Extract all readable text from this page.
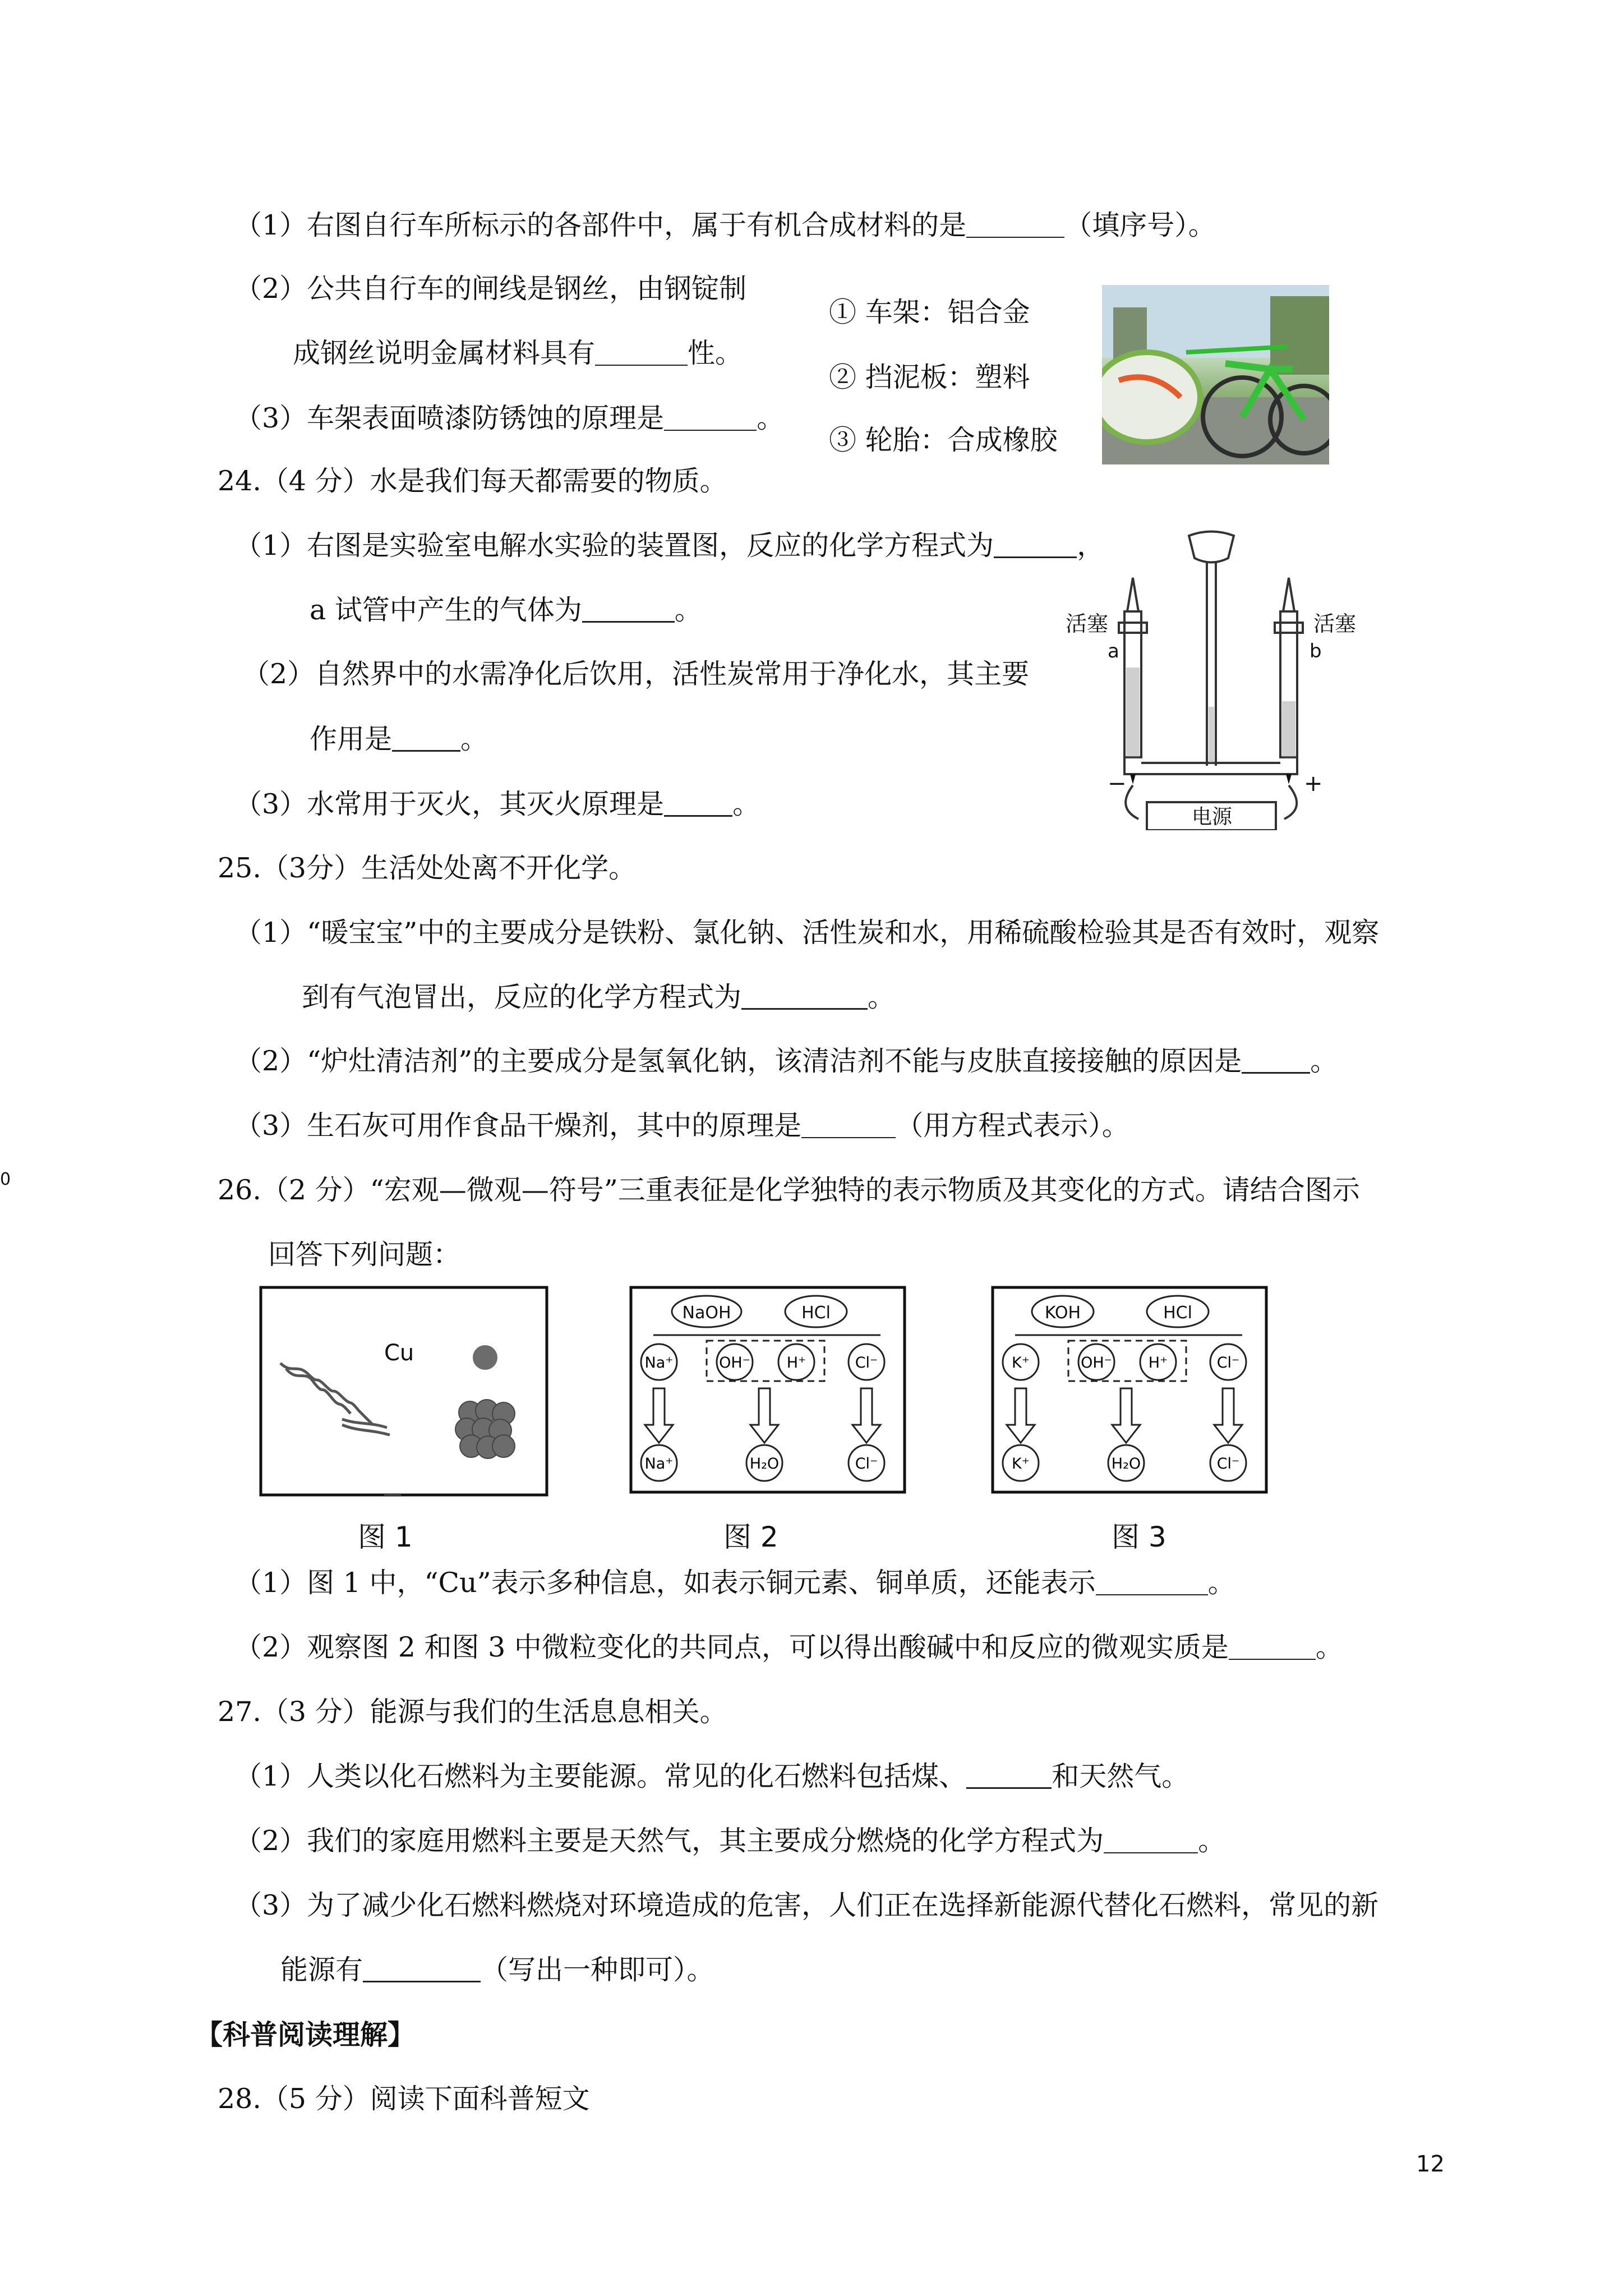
（1）右图自行车所标示的各部件中，属于有机合成材料的是	（填序号）。
（2）公共自行车的闸线是钢丝，由钢锭制
成钢丝说明金属材料具有	性。
（3）车架表面喷漆防锈蚀的原理是	。
① 车架：铝合金
② 挡泥板：塑料
③ 轮胎：合成橡胶
24.（4 分）水是我们每天都需要的物质。
（1）右图是实验室电解水实验的装置图，反应的化学方程式为	，
a 试管中产生的气体为	。
（2）自然界中的水需净化后饮用，活性炭常用于净化水，其主要
作用是 。
（3）水常用于灭火，其灭火原理是 。
活塞	活塞
a	b
−	+
电源
25.（3分）生活处处离不开化学。
（1）“暖宝宝”中的主要成分是铁粉、氯化钠、活性炭和水，用稀硫酸检验其是否有效时，观察
到有气泡冒出，反应的化学方程式为	。
（2）“炉灶清洁剂”的主要成分是氢氧化钠，该清洁剂不能与皮肤直接接触的原因是 。
（3）生石灰可用作食品干燥剂，其中的原理是	（用方程式表示）。
0	26.（2 分）“宏观—微观—符号”三重表征是化学独特的表示物质及其变化的方式。请结合图示
回答下列问题：
Cu
图 1
NaOH	HCl
Na⁺	OH⁻ H⁺	Cl⁻
Na⁺	H₂O	Cl⁻
图 2
KOH	HCl
K⁺	OH⁻ H⁺	Cl⁻
K⁺	H₂O	Cl⁻
图 3
（1）图 1 中，“Cu”表示多种信息，如表示铜元素、铜单质，还能表示	。
（2）观察图 2 和图 3 中微粒变化的共同点，可以得出酸碱中和反应的微观实质是	。
27.（3 分）能源与我们的生活息息相关。
（1）人类以化石燃料为主要能源。常见的化石燃料包括煤、	和天然气。
（2）我们的家庭用燃料主要是天然气，其主要成分燃烧的化学方程式为	。
（3）为了减少化石燃料燃烧对环境造成的危害，人们正在选择新能源代替化石燃料，常见的新
能源有	（写出一种即可）。
【科普阅读理解】
28.（5 分）阅读下面科普短文
12
